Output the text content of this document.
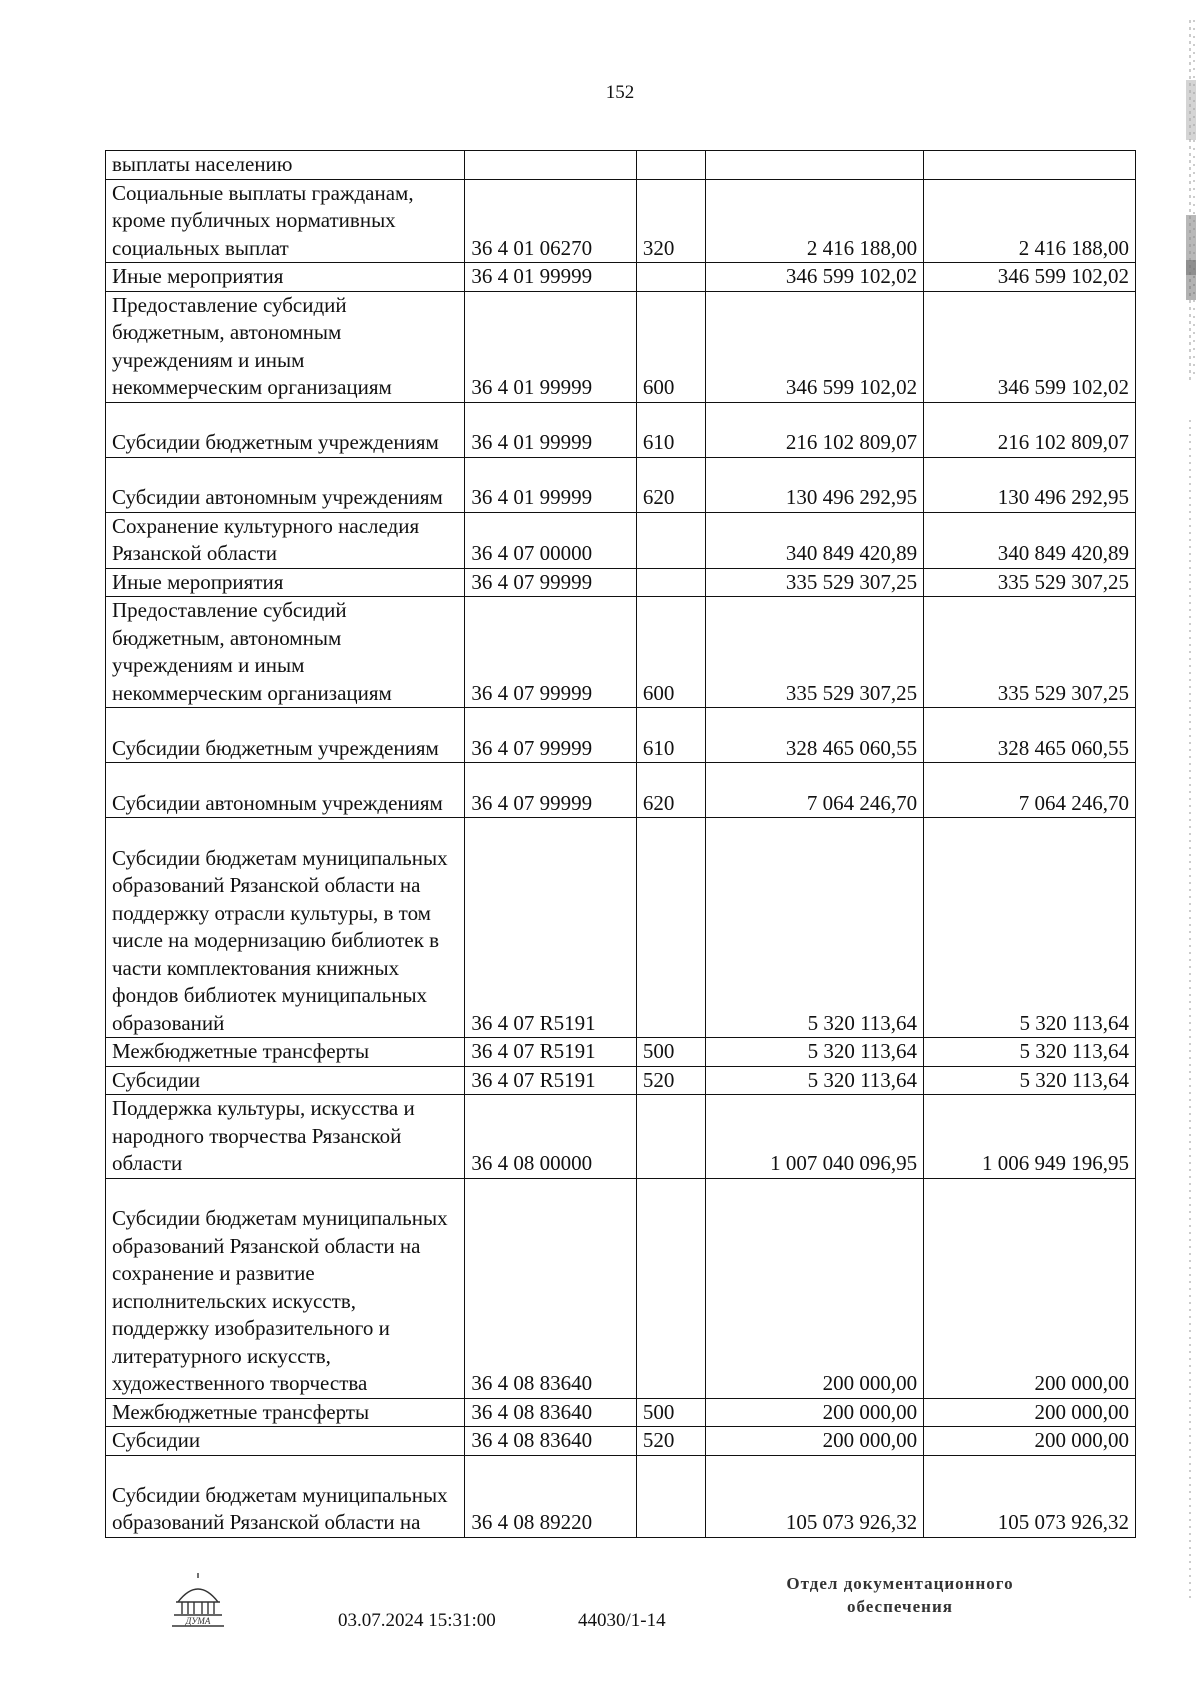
152
выплаты населению				
Социальные выплаты гражданам, кроме публичных нормативных социальных выплат	36 4 01 06270	320	2 416 188,00	2 416 188,00
Иные мероприятия	36 4 01 99999		346 599 102,02	346 599 102,02
Предоставление субсидий бюджетным, автономным учреждениям и иным некоммерческим организациям	36 4 01 99999	600	346 599 102,02	346 599 102,02
Субсидии бюджетным учреждениям	36 4 01 99999	610	216 102 809,07	216 102 809,07
Субсидии автономным учреждениям	36 4 01 99999	620	130 496 292,95	130 496 292,95
Сохранение культурного наследия Рязанской области	36 4 07 00000		340 849 420,89	340 849 420,89
Иные мероприятия	36 4 07 99999		335 529 307,25	335 529 307,25
Предоставление субсидий бюджетным, автономным учреждениям и иным некоммерческим организациям	36 4 07 99999	600	335 529 307,25	335 529 307,25
Субсидии бюджетным учреждениям	36 4 07 99999	610	328 465 060,55	328 465 060,55
Субсидии автономным учреждениям	36 4 07 99999	620	7 064 246,70	7 064 246,70
Субсидии бюджетам муниципальных образований Рязанской области на поддержку отрасли культуры, в том числе на модернизацию библиотек в части комплектования книжных фондов библиотек муниципальных образований	36 4 07 R5191		5 320 113,64	5 320 113,64
Межбюджетные трансферты	36 4 07 R5191	500	5 320 113,64	5 320 113,64
Субсидии	36 4 07 R5191	520	5 320 113,64	5 320 113,64
Поддержка культуры, искусства и народного творчества Рязанской области	36 4 08 00000		1 007 040 096,95	1 006 949 196,95
Субсидии бюджетам муниципальных образований Рязанской области на сохранение и развитие исполнительских искусств, поддержку изобразительного и литературного искусств, художественного творчества	36 4 08 83640		200 000,00	200 000,00
Межбюджетные трансферты	36 4 08 83640	500	200 000,00	200 000,00
Субсидии	36 4 08 83640	520	200 000,00	200 000,00
Субсидии бюджетам муниципальных образований Рязанской области на	36 4 08 89220		105 073 926,32	105 073 926,32
ДУМА	03.07.2024 15:31:00	44030/1-14
Отдел документационного
обеспечения
